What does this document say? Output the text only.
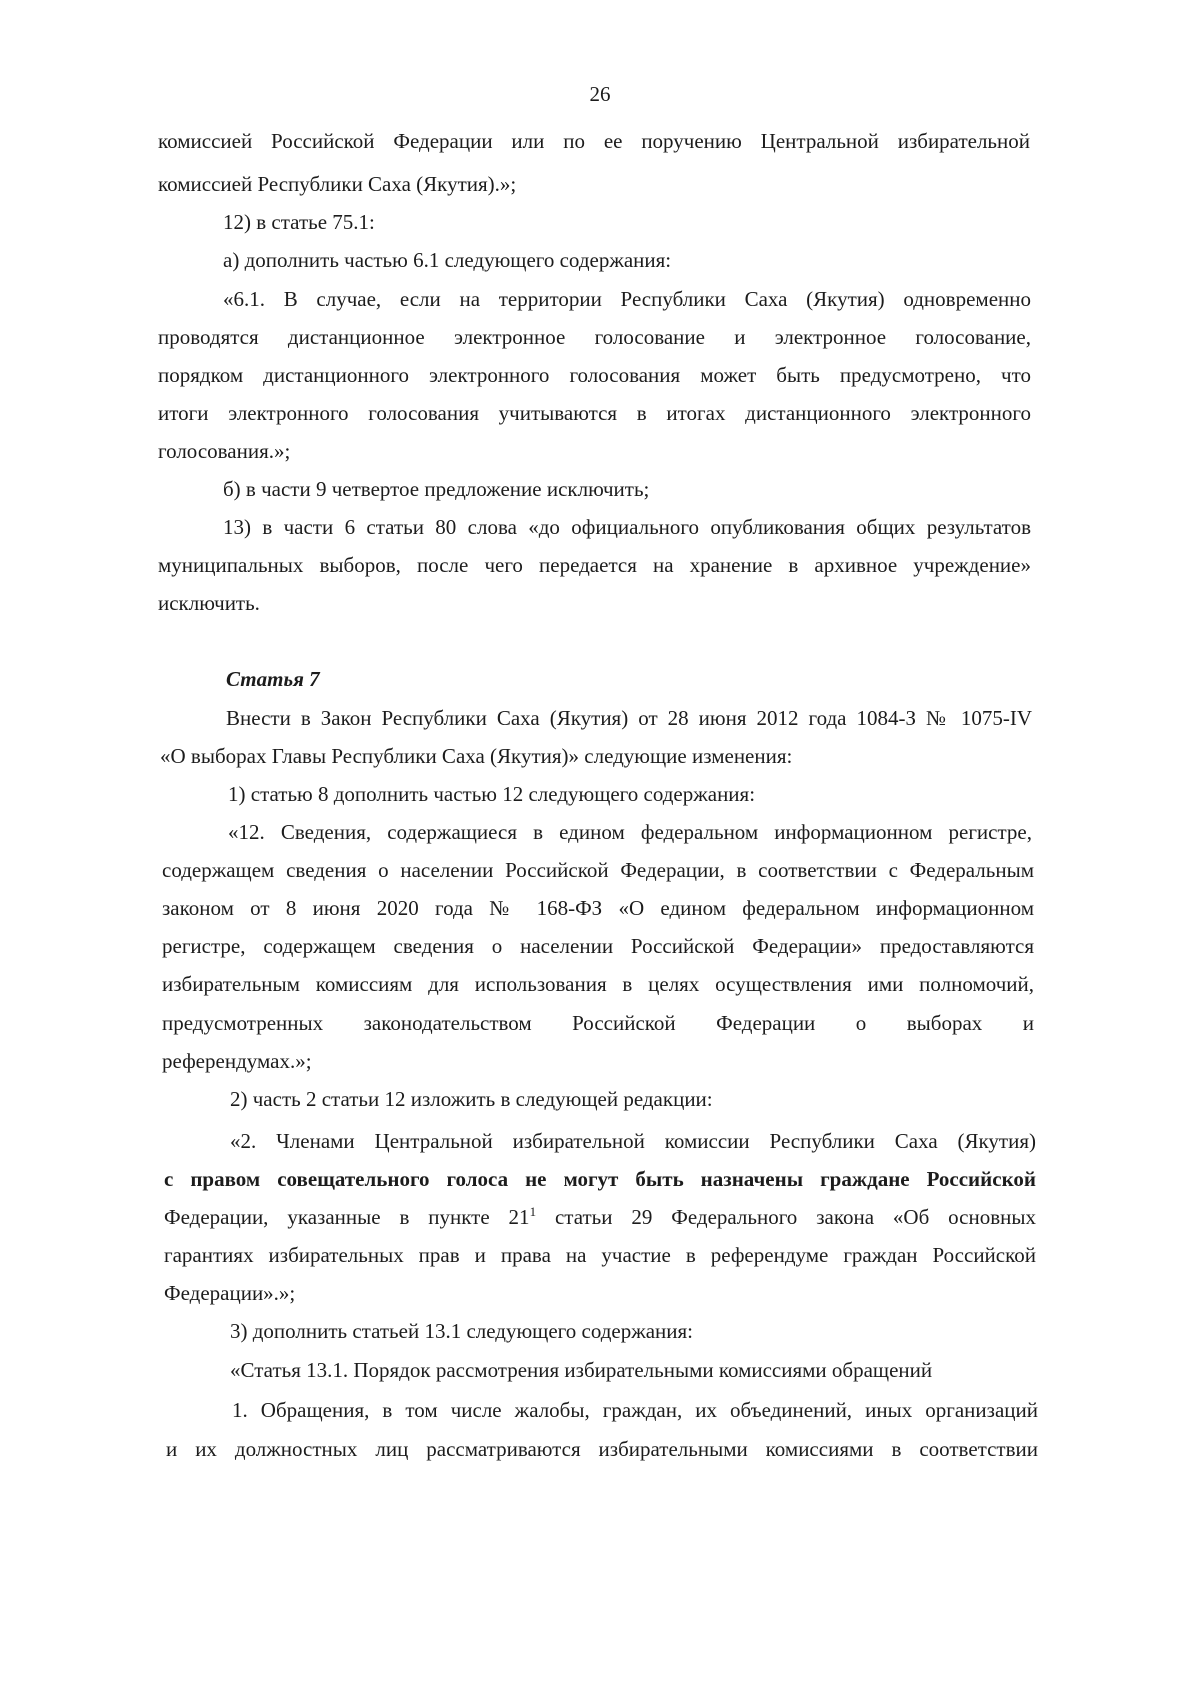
26
комиссией Российской Федерации или по ее поручению Центральной избирательной
комиссией Республики Саха (Якутия).»;
12) в статье 75.1:
а) дополнить частью 6.1 следующего содержания:
«6.1. В случае, если на территории Республики Саха (Якутия) одновременно
проводятся дистанционное электронное голосование и электронное голосование,
порядком дистанционного электронного голосования может быть предусмотрено, что
итоги электронного голосования учитываются в итогах дистанционного электронного
голосования.»;
б) в части 9 четвертое предложение исключить;
13) в части 6 статьи 80 слова «до официального опубликования общих результатов
муниципальных выборов, после чего передается на хранение в архивное учреждение»
исключить.
Статья 7
Внести в Закон Республики Саха (Якутия) от 28 июня 2012 года 1084-З № 1075-IV
«О выборах Главы Республики Саха (Якутия)» следующие изменения:
1) статью 8 дополнить частью 12 следующего содержания:
«12. Сведения, содержащиеся в едином федеральном информационном регистре,
содержащем сведения о населении Российской Федерации, в соответствии с Федеральным
законом от 8 июня 2020 года № 168-ФЗ «О едином федеральном информационном
регистре, содержащем сведения о населении Российской Федерации» предоставляются
избирательным комиссиям для использования в целях осуществления ими полномочий,
предусмотренных законодательством Российской Федерации о выборах и
референдумах.»;
2) часть 2 статьи 12 изложить в следующей редакции:
«2. Членами Центральной избирательной комиссии Республики Саха (Якутия)
с правом совещательного голоса не могут быть назначены граждане Российской
Федерации, указанные в пункте $21^1$ статьи 29 Федерального закона «Об основных
гарантиях избирательных прав и права на участие в референдуме граждан Российской
Федерации».»;
3) дополнить статьей 13.1 следующего содержания:
«Статья 13.1. Порядок рассмотрения избирательными комиссиями обращений
1. Обращения, в том числе жалобы, граждан, их объединений, иных организаций
и их должностных лиц рассматриваются избирательными комиссиями в соответствии
